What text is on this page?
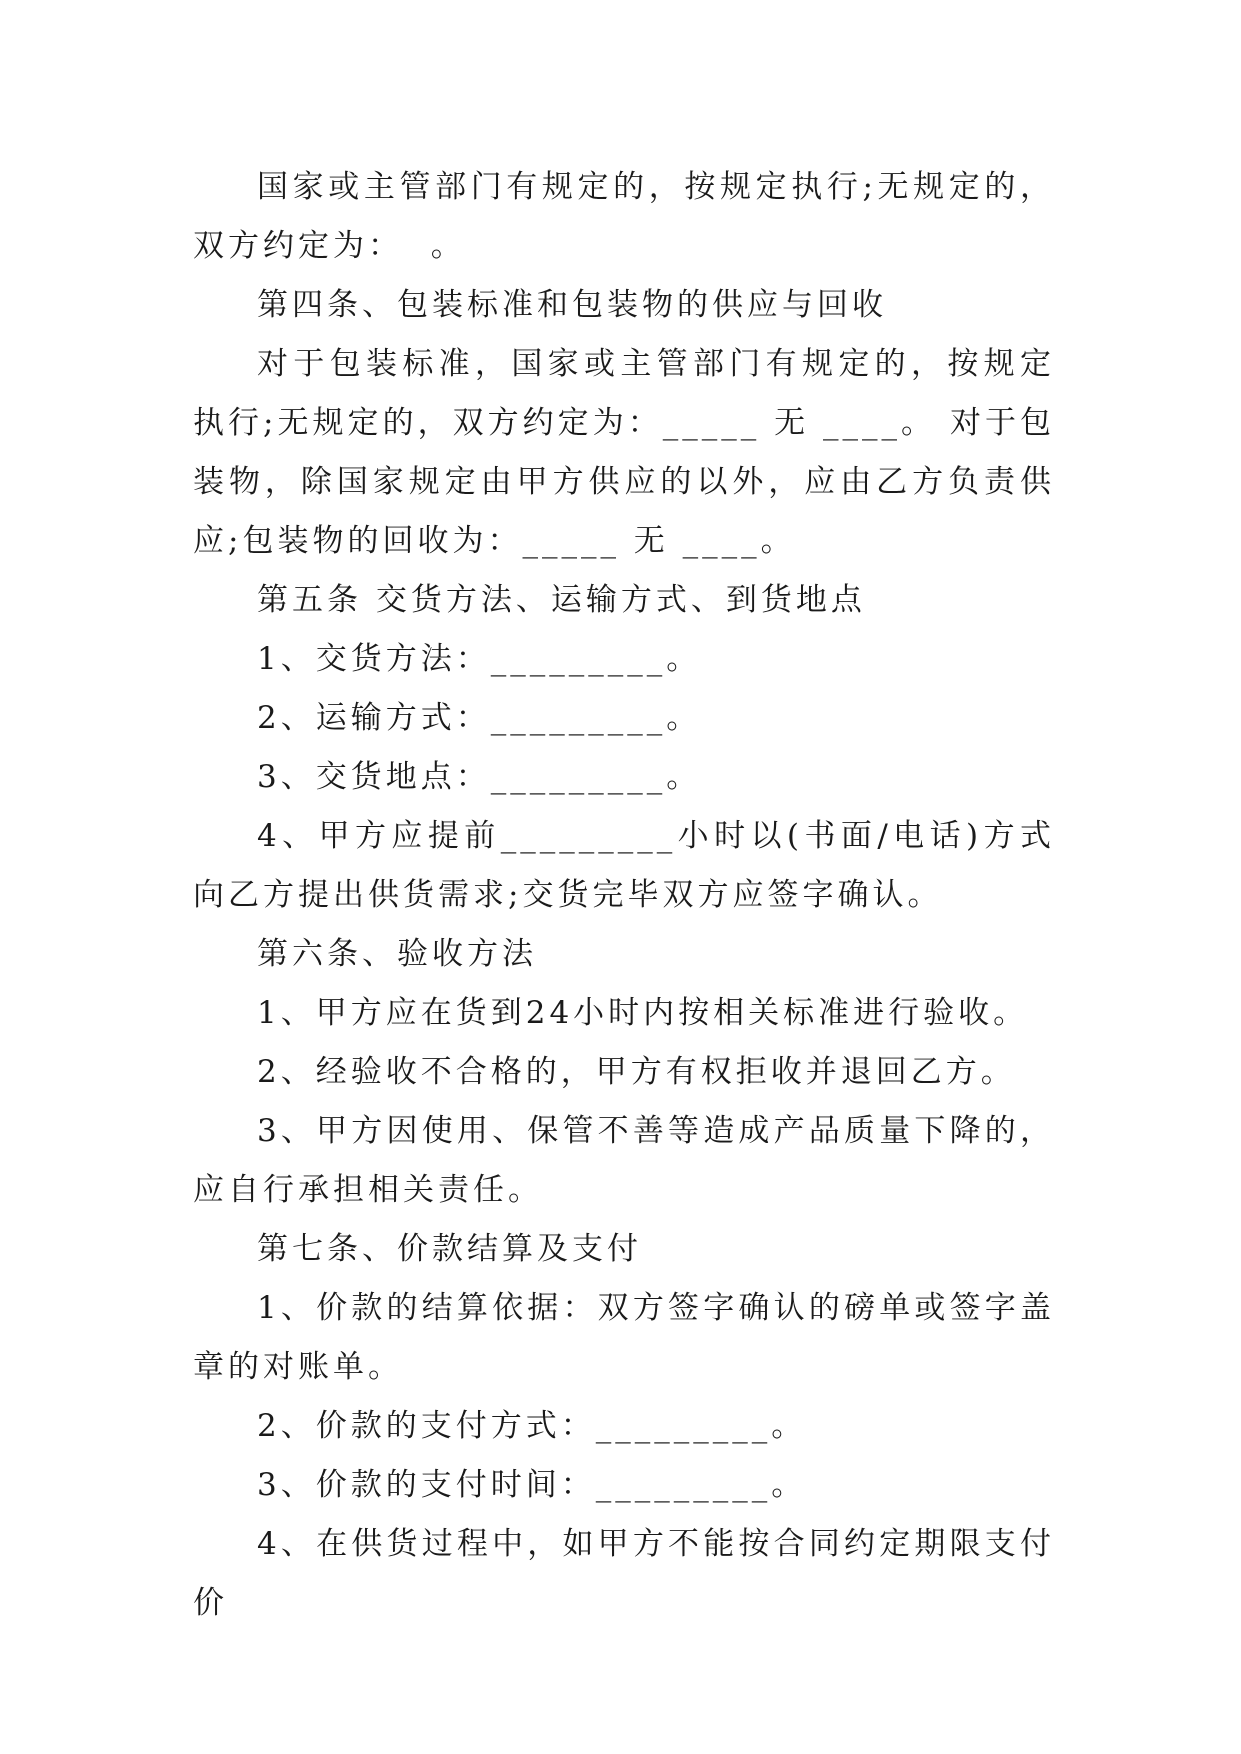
国家或主管部门有规定的，按规定执行;无规定的，双方约定为：  。

第四条、包装标准和包装物的供应与回收

对于包装标准，国家或主管部门有规定的，按规定执行;无规定的，双方约定为：_____ 无 ____。 对于包装物，除国家规定由甲方供应的以外，应由乙方负责供应;包装物的回收为：_____ 无 ____。

第五条 交货方法、运输方式、到货地点

1、交货方法：_________。

2、运输方式：_________。

3、交货地点：_________。

4、甲方应提前_________小时以(书面/电话)方式向乙方提出供货需求;交货完毕双方应签字确认。

第六条、验收方法

1、甲方应在货到24小时内按相关标准进行验收。

2、经验收不合格的，甲方有权拒收并退回乙方。

3、甲方因使用、保管不善等造成产品质量下降的，应自行承担相关责任。

第七条、价款结算及支付

1、价款的结算依据：双方签字确认的磅单或签字盖章的对账单。

2、价款的支付方式：_________。

3、价款的支付时间：_________。

4、在供货过程中，如甲方不能按合同约定期限支付价
